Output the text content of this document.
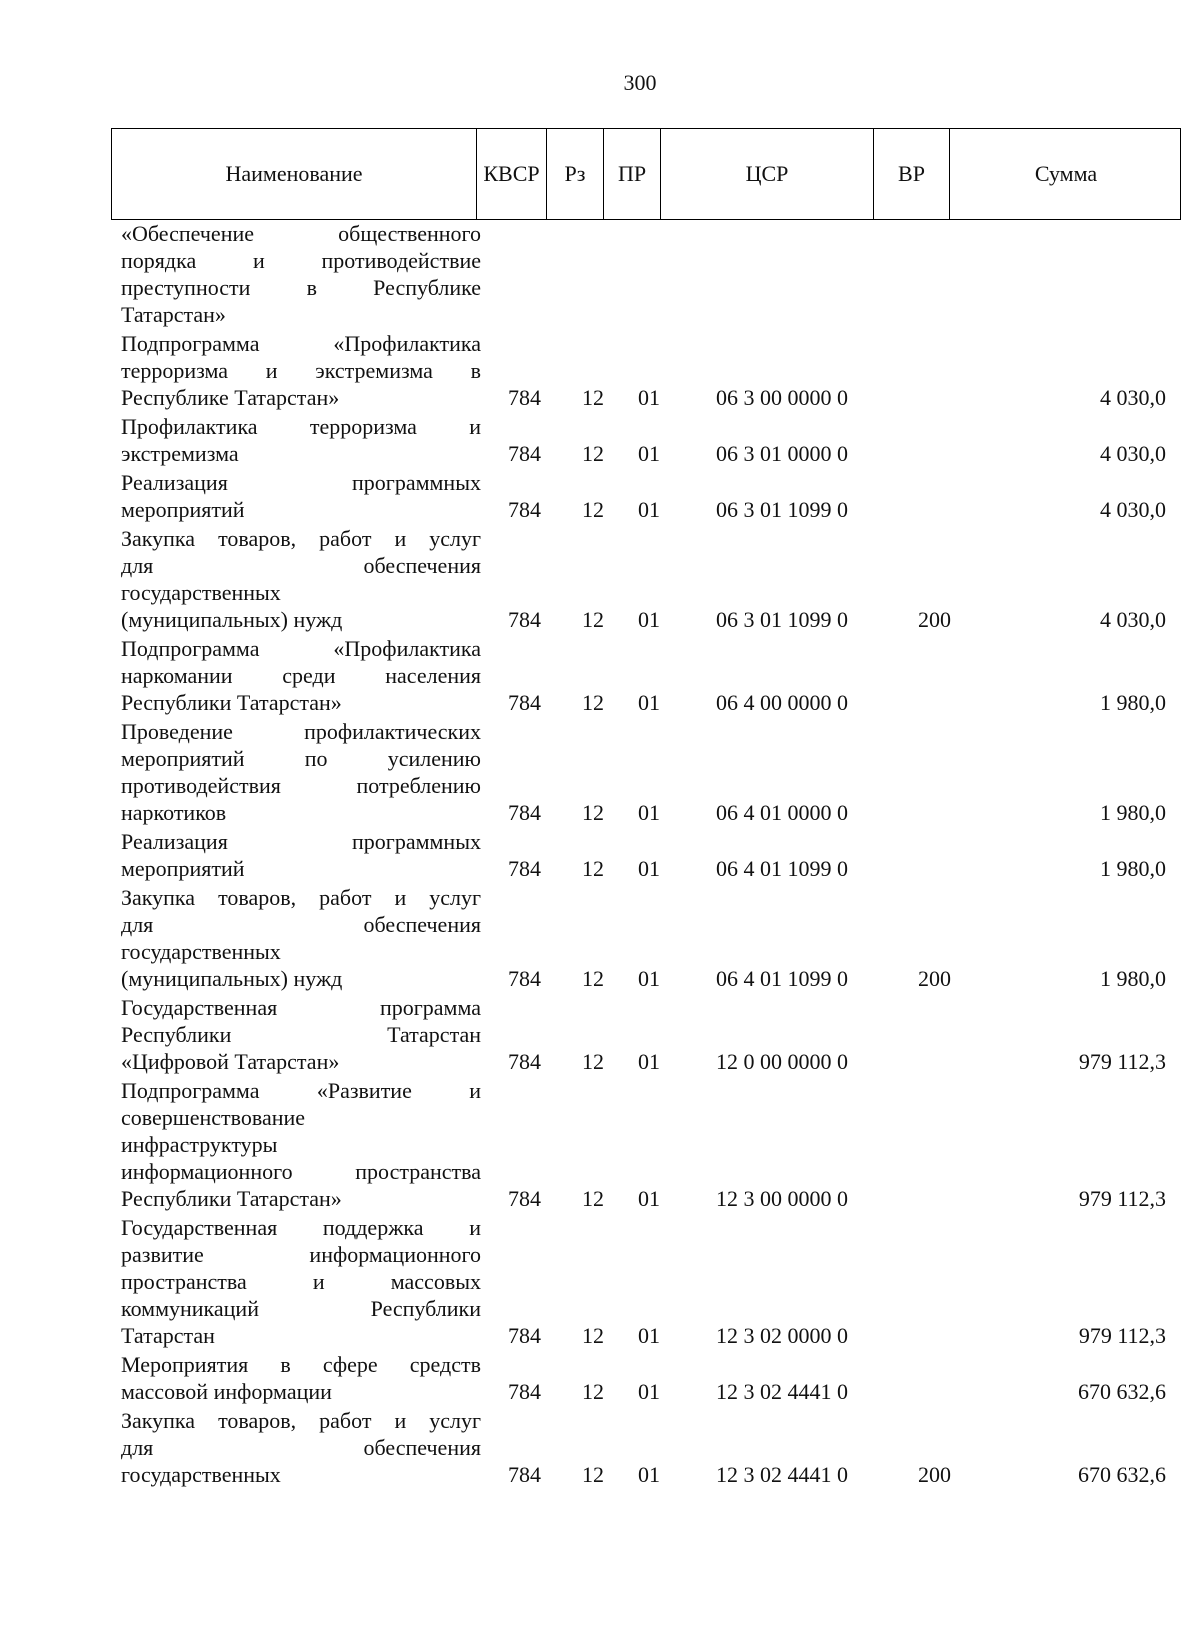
300
Наименование	КВСР	Рз	ПР	ЦСР	ВР	Сумма
«Обеспечение общественного
порядка и противодействие
преступности в Республике
Татарстан»
Подпрограмма «Профилактика
терроризма и экстремизма в
Республике Татарстан»	784 12 01	06 3 00 0000 0	4 030,0
Профилактика терроризма и
экстремизма	784 12 01	06 3 01 0000 0	4 030,0
Реализация программных
мероприятий	784 12 01	06 3 01 1099 0	4 030,0
Закупка товаров, работ и услуг
для обеспечения
государственных
(муниципальных) нужд	784 12 01	06 3 01 1099 0	200	4 030,0
Подпрограмма «Профилактика
наркомании среди населения
Республики Татарстан»	784 12 01	06 4 00 0000 0	1 980,0
Проведение профилактических
мероприятий по усилению
противодействия потреблению
наркотиков	784 12 01	06 4 01 0000 0	1 980,0
Реализация программных
мероприятий	784 12 01	06 4 01 1099 0	1 980,0
Закупка товаров, работ и услуг
для обеспечения
государственных
(муниципальных) нужд	784 12 01	06 4 01 1099 0	200	1 980,0
Государственная программа
Республики Татарстан
«Цифровой Татарстан»	784 12 01	12 0 00 0000 0	979 112,3
Подпрограмма «Развитие и
совершенствование
инфраструктуры
информационного пространства
Республики Татарстан»	784 12 01	12 3 00 0000 0	979 112,3
Государственная поддержка и
развитие информационного
пространства и массовых
коммуникаций Республики
Татарстан	784 12 01	12 3 02 0000 0	979 112,3
Мероприятия в сфере средств
массовой информации	784 12 01	12 3 02 4441 0	670 632,6
Закупка товаров, работ и услуг
для обеспечения
государственных	784 12 01	12 3 02 4441 0	200	670 632,6
